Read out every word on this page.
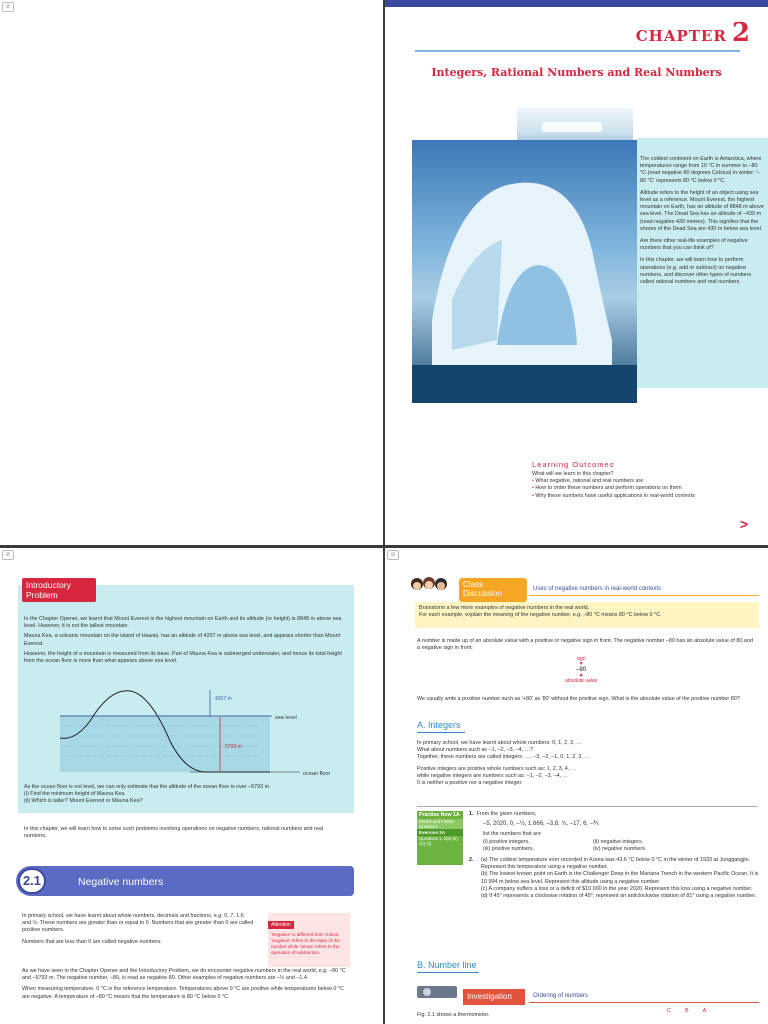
⊘
CHAPTER 2
Integers, Rational Numbers and Real Numbers

The coldest continent on Earth is Antarctica, where temperatures range from 10 °C in summer to –80 °C (read negative 80 degrees Celsius) in winter. '–80 °C' represents 80 °C below 0 °C.

Altitude refers to the height of an object using sea level as a reference. Mount Everest, the highest mountain on Earth, has an altitude of 8848 m above sea level. The Dead Sea has an altitude of –430 m (read negative 430 metres). This signifies that the shores of the Dead Sea are 430 m below sea level.

Are there other real-life examples of negative numbers that you can think of?

In this chapter, we will learn how to perform operations (e.g. add or subtract) on negative numbers, and discover other types of numbers called rational numbers and real numbers.

Learning Outcomes
What will we learn in this chapter?
• What negative, rational and real numbers are
• How to order these numbers and perform operations on them
• Why these numbers have useful applications in real-world contexts
>
⊘
Introductory Problem

In the Chapter Opener, we learnt that Mount Everest is the highest mountain on Earth and its altitude (or height) is 8848 m above sea level. However, it is not the tallest mountain.

Mauna Kea, a volcanic mountain on the island of Hawaii, has an altitude of 4207 m above sea level, and appears shorter than Mount Everest.

However, the height of a mountain is measured from its base. Part of Mauna Kea is submerged underwater, and hence its total height from the ocean floor is more than what appears above sea level.

4207 m
sea level
5793 m
ocean floor

As the ocean floor is not level, we can only estimate that the altitude of the ocean floor is over –5793 m.

(i) Find the minimum height of Mauna Kea.

(ii) Which is taller? Mount Everest or Mauna Kea?

In this chapter, we will learn how to solve such problems involving operations on negative numbers, rational numbers and real numbers.

2.1	Negative numbers

In primary school, we have learnt about whole numbers, decimals and fractions, e.g. 0, 7, 1.6 and ½. These numbers are greater than or equal to 0. Numbers that are greater than 0 are called positive numbers.

Numbers that are less than 0 are called negative numbers.

Attention

'Negative' is different from 'minus'. 'negative' refers to the state of the number while 'minus' refers to the operation of subtraction.

As we have seen in the Chapter Opener and the Introductory Problem, we do encounter negative numbers in the real world, e.g. –80 °C and –5793 m. The negative number, –80, is read as negative 80. Other examples of negative numbers are –½ and –1.4.

When measuring temperature, 0 °C is the reference temperature. Temperatures above 0 °C are positive while temperatures below 0 °C are negative. A temperature of –80 °C means that the temperature is 80 °C below 0 °C.

⊘
Class Discussion	Uses of negative numbers in real-world contexts

Brainstorm a few more examples of negative numbers in the real world.

For each example, explain the meaning of the negative number, e.g. –80 °C means 80 °C below 0 °C.

A number is made up of an absolute value with a positive or negative sign in front. The negative number –80 has an absolute value of 80 and a negative sign in front:

sign
▼
–80
▲
absolute value

We usually write a positive number such as '+80' as '80' without the positive sign. What is the absolute value of the positive number 80?

A. Integers

In primary school, we have learnt about whole numbers: 0, 1, 2, 3, …

What about numbers such as –1, –2, –3, –4, …?

Together, these numbers are called integers: …, –3, –2, –1, 0, 1, 2, 3, …

Positive integers are positive whole numbers such as: 1, 2, 3, 4, …

while negative integers are numbers such as: –1, –2, –3, –4, …

0 is neither a positive nor a negative integer.

Practise Now 1A
Similar and Further Questions
Exercise 2A
Questions 1, 2(a)-(b), 4(i)-(ii)

1. From the given numbers,

–5, 2020, 0, –½, 1.666, –3.8, ¾, –17, 6, –⅗

list the numbers that are

(i) positive integers,	(ii) negative integers,
(iii) positive numbers,	(iv) negative numbers.
2.	(a) The coldest temperature ever recorded in Korea was 43.6 °C below 0 °C in the winter of 1933 at Junggangjin. Represent this temperature using a negative number.

(b) The lowest known point on Earth is the Challenger Deep in the Mariana Trench in the western Pacific Ocean. It is 10 994 m below sea level. Represent this altitude using a negative number.

(c) A company suffers a loss or a deficit of $10 000 in the year 2020. Represent this loss using a negative number.

(d) If 45° represents a clockwise rotation of 45°, represent an anticlockwise rotation of 81° using a negative number.

B. Number line
Investigation	Ordering of numbers

Fig. 2.1 shows a thermometer.

C	B	A
